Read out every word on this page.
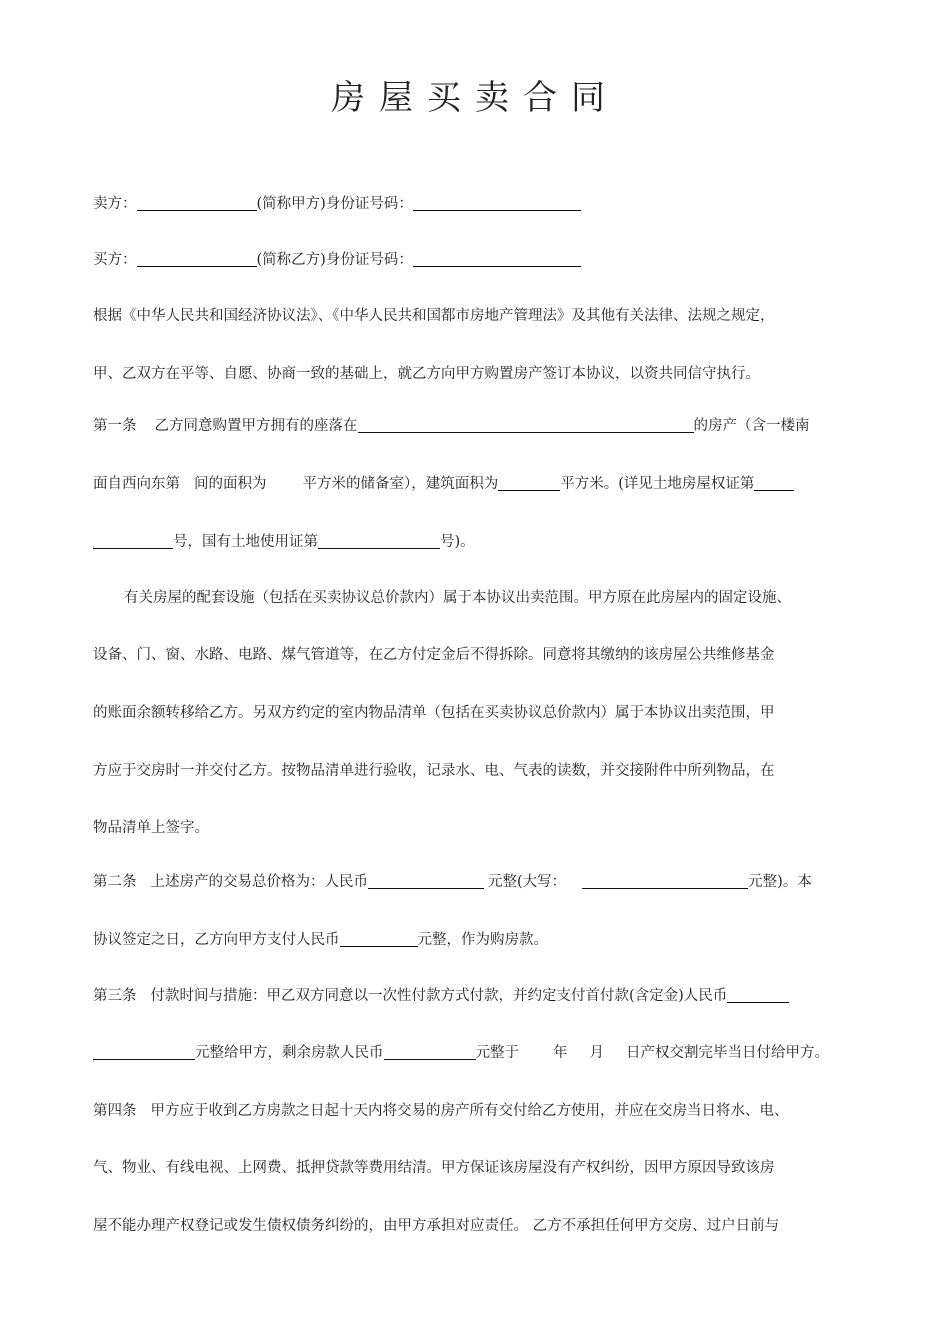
房屋买卖合同
卖方：	(简称甲方)身份证号码：
买方：	(简称乙方)身份证号码：
根据《中华人民共和国经济协议法》、《中华人民共和国都市房地产管理法》及其他有关法律、法规之规定，
甲、乙双方在平等、自愿、协商一致的基础上，就乙方向甲方购置房产签订本协议，以资共同信守执行。
第一条 乙方同意购置甲方拥有的座落在	的房产（含一楼南
面自西向东第 间的面积为 平方米的储备室），建筑面积为	平方米。(详见土地房屋权证第
号，国有土地使用证第	号)。
有关房屋的配套设施（包括在买卖协议总价款内）属于本协议出卖范围。甲方原在此房屋内的固定设施、
设备、门、窗、水路、电路、煤气管道等，在乙方付定金后不得拆除。同意将其缴纳的该房屋公共维修基金
的账面余额转移给乙方。另双方约定的室内物品清单（包括在买卖协议总价款内）属于本协议出卖范围，甲
方应于交房时一并交付乙方。按物品清单进行验收，记录水、电、气表的读数，并交接附件中所列物品，在
物品清单上签字。
第二条 上述房产的交易总价格为：人民币	元整(大写：	元整)。本
协议签定之日，乙方向甲方支付人民币	元整，作为购房款。
第三条 付款时间与措施：甲乙双方同意以一次性付款方式付款，并约定支付首付款(含定金)人民币
元整给甲方，剩余房款人民币	元整于 年 月 日产权交割完毕当日付给甲方。
第四条 甲方应于收到乙方房款之日起十天内将交易的房产所有交付给乙方使用，并应在交房当日将水、电、
气、物业、有线电视、上网费、抵押贷款等费用结清。甲方保证该房屋没有产权纠纷，因甲方原因导致该房
屋不能办理产权登记或发生债权债务纠纷的，由甲方承担对应责任。 乙方不承担任何甲方交房、过户日前与
